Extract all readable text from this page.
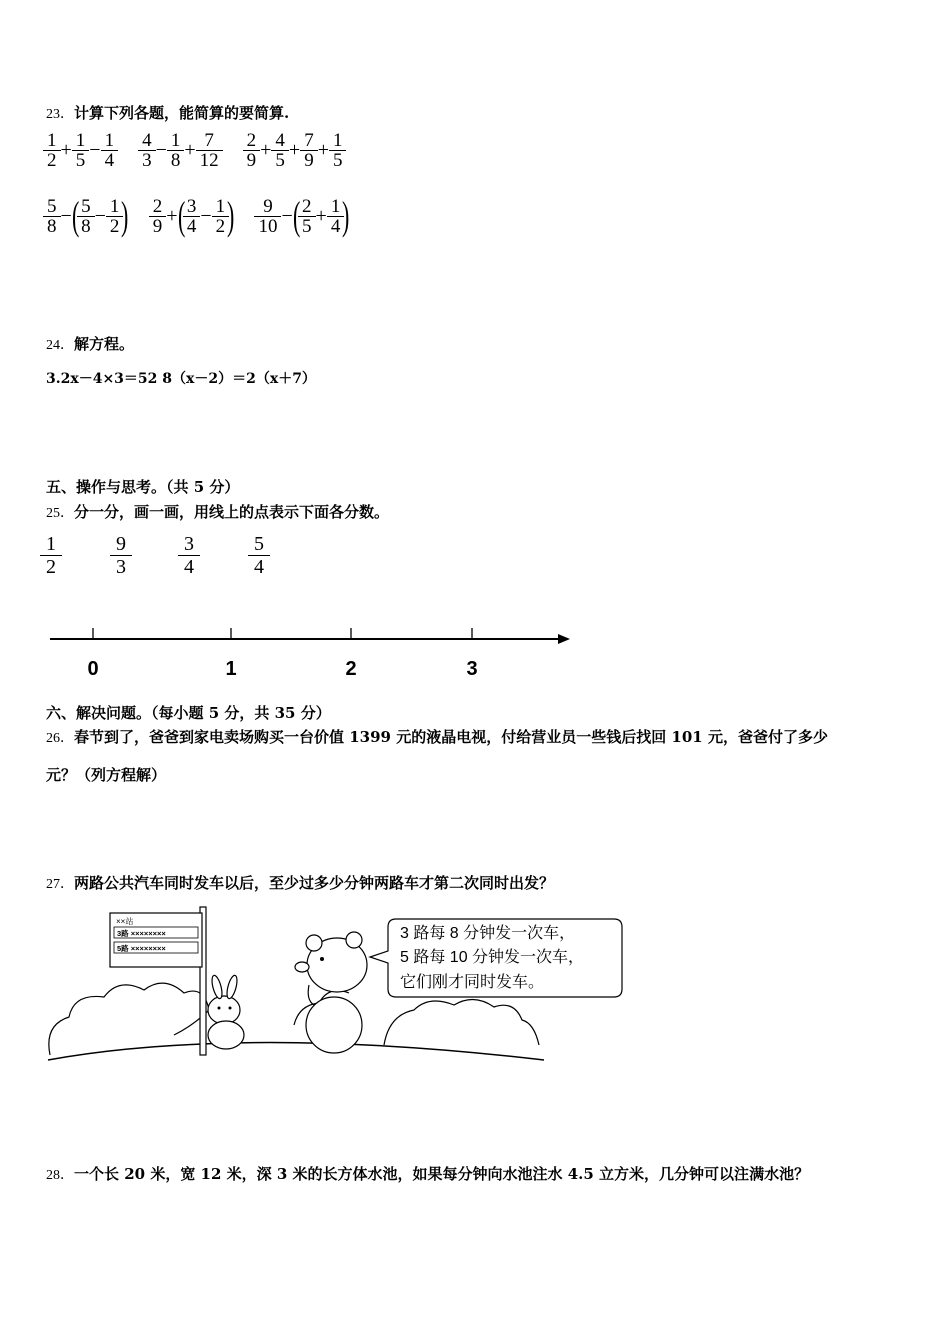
23．计算下列各题，能简算的要简算.
$\frac{1}{2} + \frac{1}{5} - \frac{1}{4} \frac{4}{3} - \frac{1}{8} + \frac{7}{12} \frac{2}{9} + \frac{4}{5} + \frac{7}{9} + \frac{1}{5}$
$\frac{5}{8}$ − ( $\frac{5}{8} - \frac{1}{2}$ ) $\frac{2}{9}$ + ( $\frac{3}{4} - \frac{1}{2}$ ) $\frac{9}{10}$ − ( $\frac{2}{5} + \frac{1}{4}$ )
24．解方程。
3.2x－4×3＝52 8（x－2）＝2（x＋7）
五、操作与思考。（共 5 分）
25．分一分，画一画，用线上的点表示下面各分数。
1
2
9
3
3
4
5
4
0	1	2	3
六、解决问题。（每小题 5 分，共 35 分）
26．春节到了，爸爸到家电卖场购买一台价值 1399 元的液晶电视，付给营业员一些钱后找回 101 元，爸爸付了多少
元？（列方程解）
27．两路公共汽车同时发车以后，至少过多少分钟两路车才第二次同时出发？
××站
3路 ××××××××
5路 ××××××××
3 路每 8 分钟发一次车，
5 路每 10 分钟发一次车，
它们刚才同时发车。
28．一个长 20 米，宽 12 米，深 3 米的长方体水池，如果每分钟向水池注水 4.5 立方米，几分钟可以注满水池？
